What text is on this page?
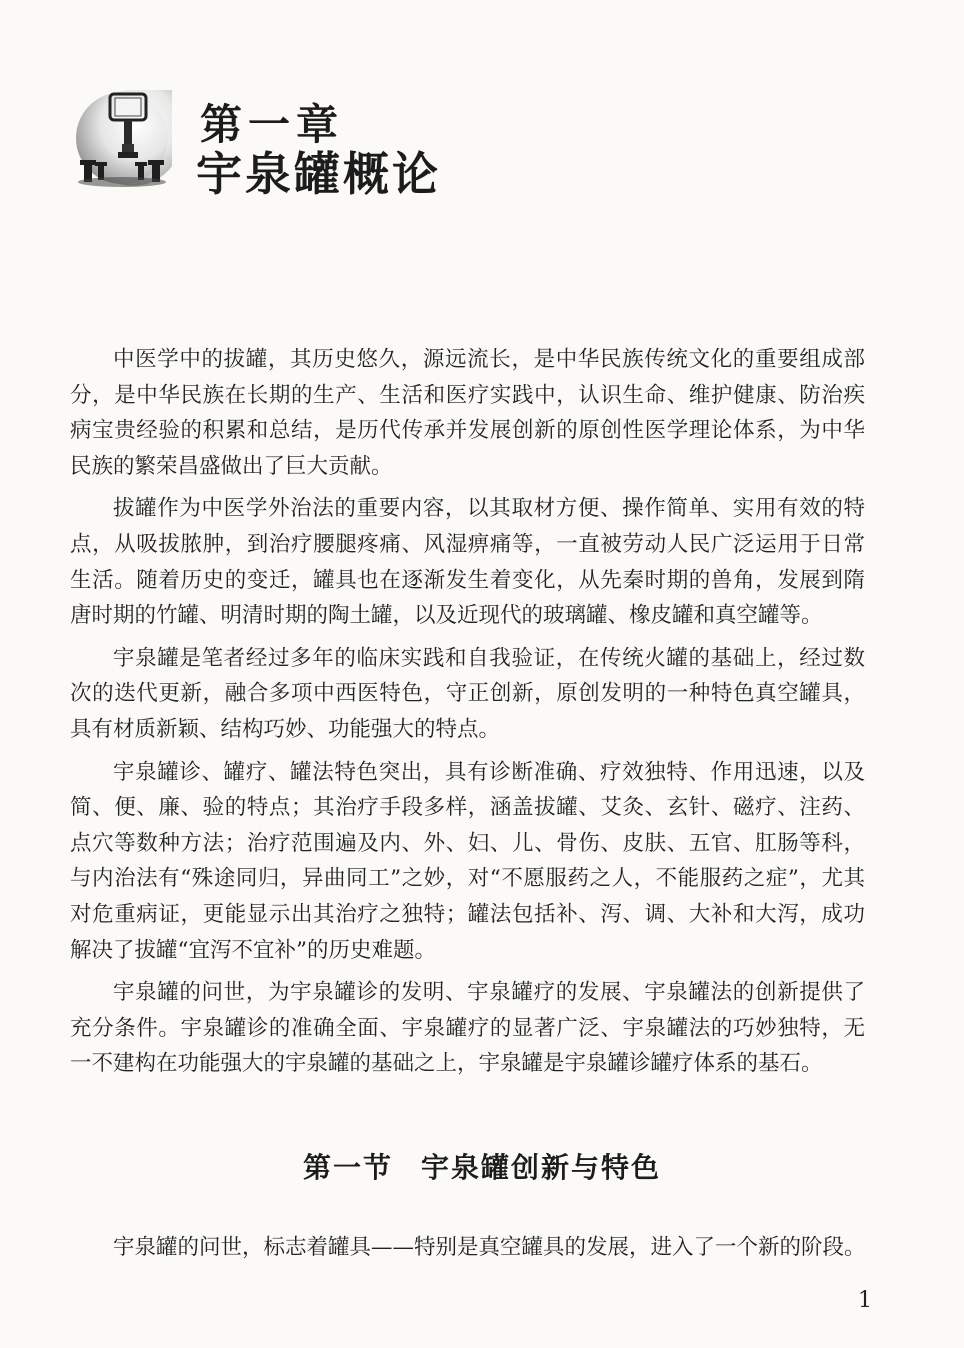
第一章
宇泉罐概论

中医学中的拔罐，其历史悠久，源远流长，是中华民族传统文化的重要组成部分，是中华民族在长期的生产、生活和医疗实践中，认识生命、维护健康、防治疾病宝贵经验的积累和总结，是历代传承并发展创新的原创性医学理论体系，为中华民族的繁荣昌盛做出了巨大贡献。

拔罐作为中医学外治法的重要内容，以其取材方便、操作简单、实用有效的特点，从吸拔脓肿，到治疗腰腿疼痛、风湿痹痛等，一直被劳动人民广泛运用于日常生活。随着历史的变迁，罐具也在逐渐发生着变化，从先秦时期的兽角，发展到隋唐时期的竹罐、明清时期的陶土罐，以及近现代的玻璃罐、橡皮罐和真空罐等。

宇泉罐是笔者经过多年的临床实践和自我验证，在传统火罐的基础上，经过数次的迭代更新，融合多项中西医特色，守正创新，原创发明的一种特色真空罐具，具有材质新颖、结构巧妙、功能强大的特点。

宇泉罐诊、罐疗、罐法特色突出，具有诊断准确、疗效独特、作用迅速，以及简、便、廉、验的特点；其治疗手段多样，涵盖拔罐、艾灸、玄针、磁疗、注药、点穴等数种方法；治疗范围遍及内、外、妇、儿、骨伤、皮肤、五官、肛肠等科，与内治法有“殊途同归，异曲同工”之妙，对“不愿服药之人，不能服药之症”，尤其对危重病证，更能显示出其治疗之独特；罐法包括补、泻、调、大补和大泻，成功解决了拔罐“宜泻不宜补”的历史难题。

宇泉罐的问世，为宇泉罐诊的发明、宇泉罐疗的发展、宇泉罐法的创新提供了充分条件。宇泉罐诊的准确全面、宇泉罐疗的显著广泛、宇泉罐法的巧妙独特，无一不建构在功能强大的宇泉罐的基础之上，宇泉罐是宇泉罐诊罐疗体系的基石。

第一节 宇泉罐创新与特色
宇泉罐的问世，标志着罐具——特别是真空罐具的发展，进入了一个新的阶段。
1
